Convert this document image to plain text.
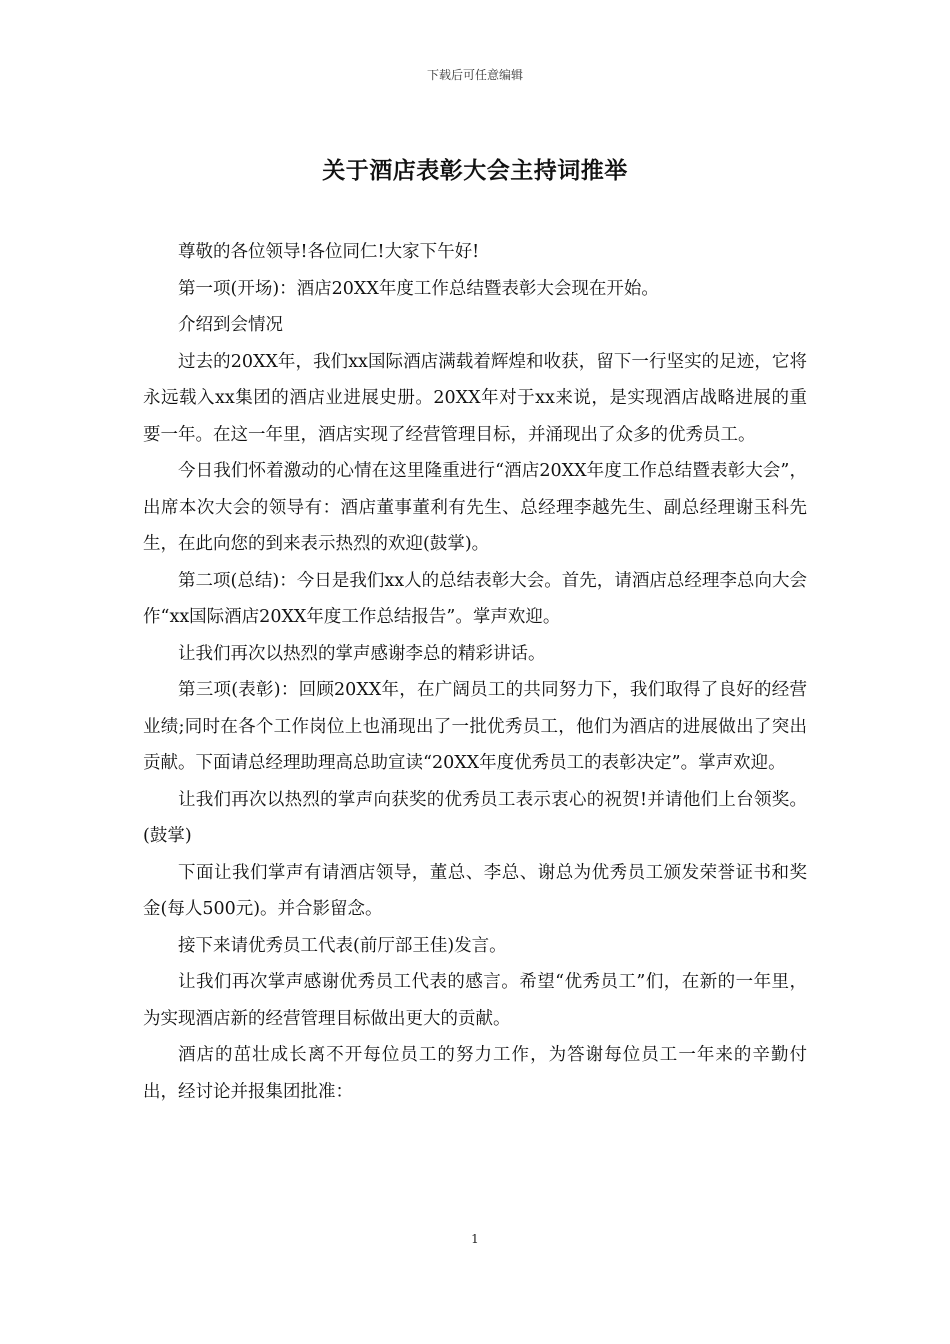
下载后可任意编辑
关于酒店表彰大会主持词推举

尊敬的各位领导!各位同仁!大家下午好!

第一项(开场)：酒店20XX年度工作总结暨表彰大会现在开始。

介绍到会情况

过去的20XX年，我们xx国际酒店满载着辉煌和收获，留下一行坚实的足迹，它将永远载入xx集团的酒店业进展史册。20XX年对于xx来说，是实现酒店战略进展的重要一年。在这一年里，酒店实现了经营管理目标，并涌现出了众多的优秀员工。

今日我们怀着激动的心情在这里隆重进行“酒店20XX年度工作总结暨表彰大会”，出席本次大会的领导有：酒店董事董利有先生、总经理李越先生、副总经理谢玉科先生，在此向您的到来表示热烈的欢迎(鼓掌)。

第二项(总结)：今日是我们xx人的总结表彰大会。首先，请酒店总经理李总向大会作“xx国际酒店20XX年度工作总结报告”。掌声欢迎。

让我们再次以热烈的掌声感谢李总的精彩讲话。

第三项(表彰)：回顾20XX年，在广阔员工的共同努力下，我们取得了良好的经营业绩;同时在各个工作岗位上也涌现出了一批优秀员工，他们为酒店的进展做出了突出贡献。下面请总经理助理高总助宣读“20XX年度优秀员工的表彰决定”。掌声欢迎。

让我们再次以热烈的掌声向获奖的优秀员工表示衷心的祝贺!并请他们上台领奖。(鼓掌)

下面让我们掌声有请酒店领导，董总、李总、谢总为优秀员工颁发荣誉证书和奖金(每人500元)。并合影留念。

接下来请优秀员工代表(前厅部王佳)发言。

让我们再次掌声感谢优秀员工代表的感言。希望“优秀员工”们，在新的一年里，为实现酒店新的经营管理目标做出更大的贡献。

酒店的茁壮成长离不开每位员工的努力工作，为答谢每位员工一年来的辛勤付出，经讨论并报集团批准：

1
